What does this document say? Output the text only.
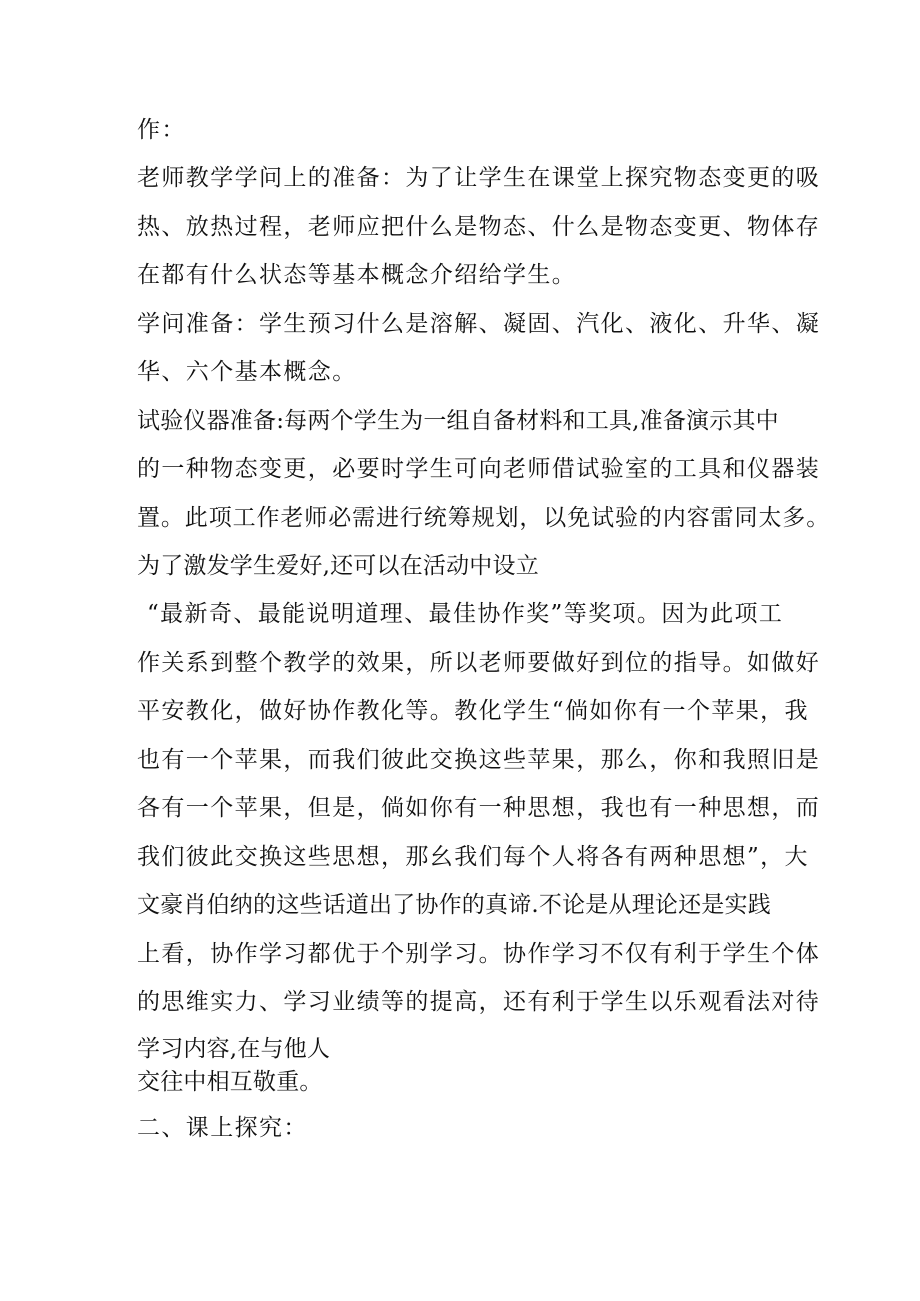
作：
老师教学学问上的准备：为了让学生在课堂上探究物态变更的吸
热、放热过程，老师应把什么是物态、什么是物态变更、物体存
在都有什么状态等基本概念介绍给学生。
学问准备：学生预习什么是溶解、凝固、汽化、液化、升华、凝
华、六个基本概念。
试验仪器准备:每两个学生为一组自备材料和工具,准备演示其中
的一种物态变更，必要时学生可向老师借试验室的工具和仪器装
置。此项工作老师必需进行统筹规划，以免试验的内容雷同太多。
为了激发学生爱好,还可以在活动中设立
“最新奇、最能说明道理、最佳协作奖”等奖项。因为此项工
作关系到整个教学的效果，所以老师要做好到位的指导。如做好
平安教化，做好协作教化等。教化学生“倘如你有一个苹果，我
也有一个苹果，而我们彼此交换这些苹果，那么，你和我照旧是
各有一个苹果，但是，倘如你有一种思想，我也有一种思想，而
我们彼此交换这些思想，那幺我们每个人将各有两种思想”，大
文豪肖伯纳的这些话道出了协作的真谛.不论是从理论还是实践
上看，协作学习都优于个别学习。协作学习不仅有利于学生个体
的思维实力、学习业绩等的提高，还有利于学生以乐观看法对待
学习内容,在与他人
交往中相互敬重。
二、课上探究：
